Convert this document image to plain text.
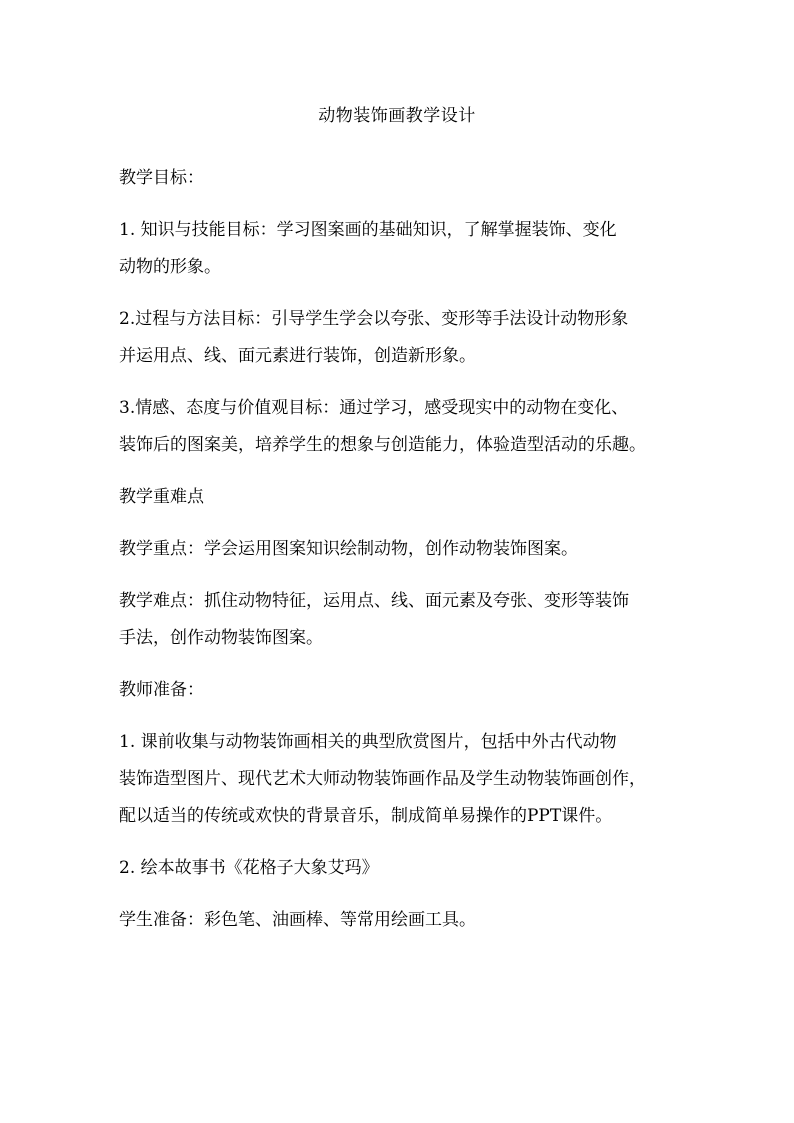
动物装饰画教学设计

教学目标：

1. 知识与技能目标：学习图案画的基础知识，了解掌握装饰、变化
动物的形象。

2.过程与方法目标：引导学生学会以夸张、变形等手法设计动物形象
并运用点、线、面元素进行装饰，创造新形象。

3.情感、态度与价值观目标：通过学习，感受现实中的动物在变化、
装饰后的图案美，培养学生的想象与创造能力，体验造型活动的乐趣。

教学重难点

教学重点：学会运用图案知识绘制动物，创作动物装饰图案。

教学难点：抓住动物特征，运用点、线、面元素及夸张、变形等装饰
手法，创作动物装饰图案。

教师准备：

1. 课前收集与动物装饰画相关的典型欣赏图片，包括中外古代动物
装饰造型图片、现代艺术大师动物装饰画作品及学生动物装饰画创作，
配以适当的传统或欢快的背景音乐，制成简单易操作的PPT课件。

2. 绘本故事书《花格子大象艾玛》

学生准备：彩色笔、油画棒、等常用绘画工具。
